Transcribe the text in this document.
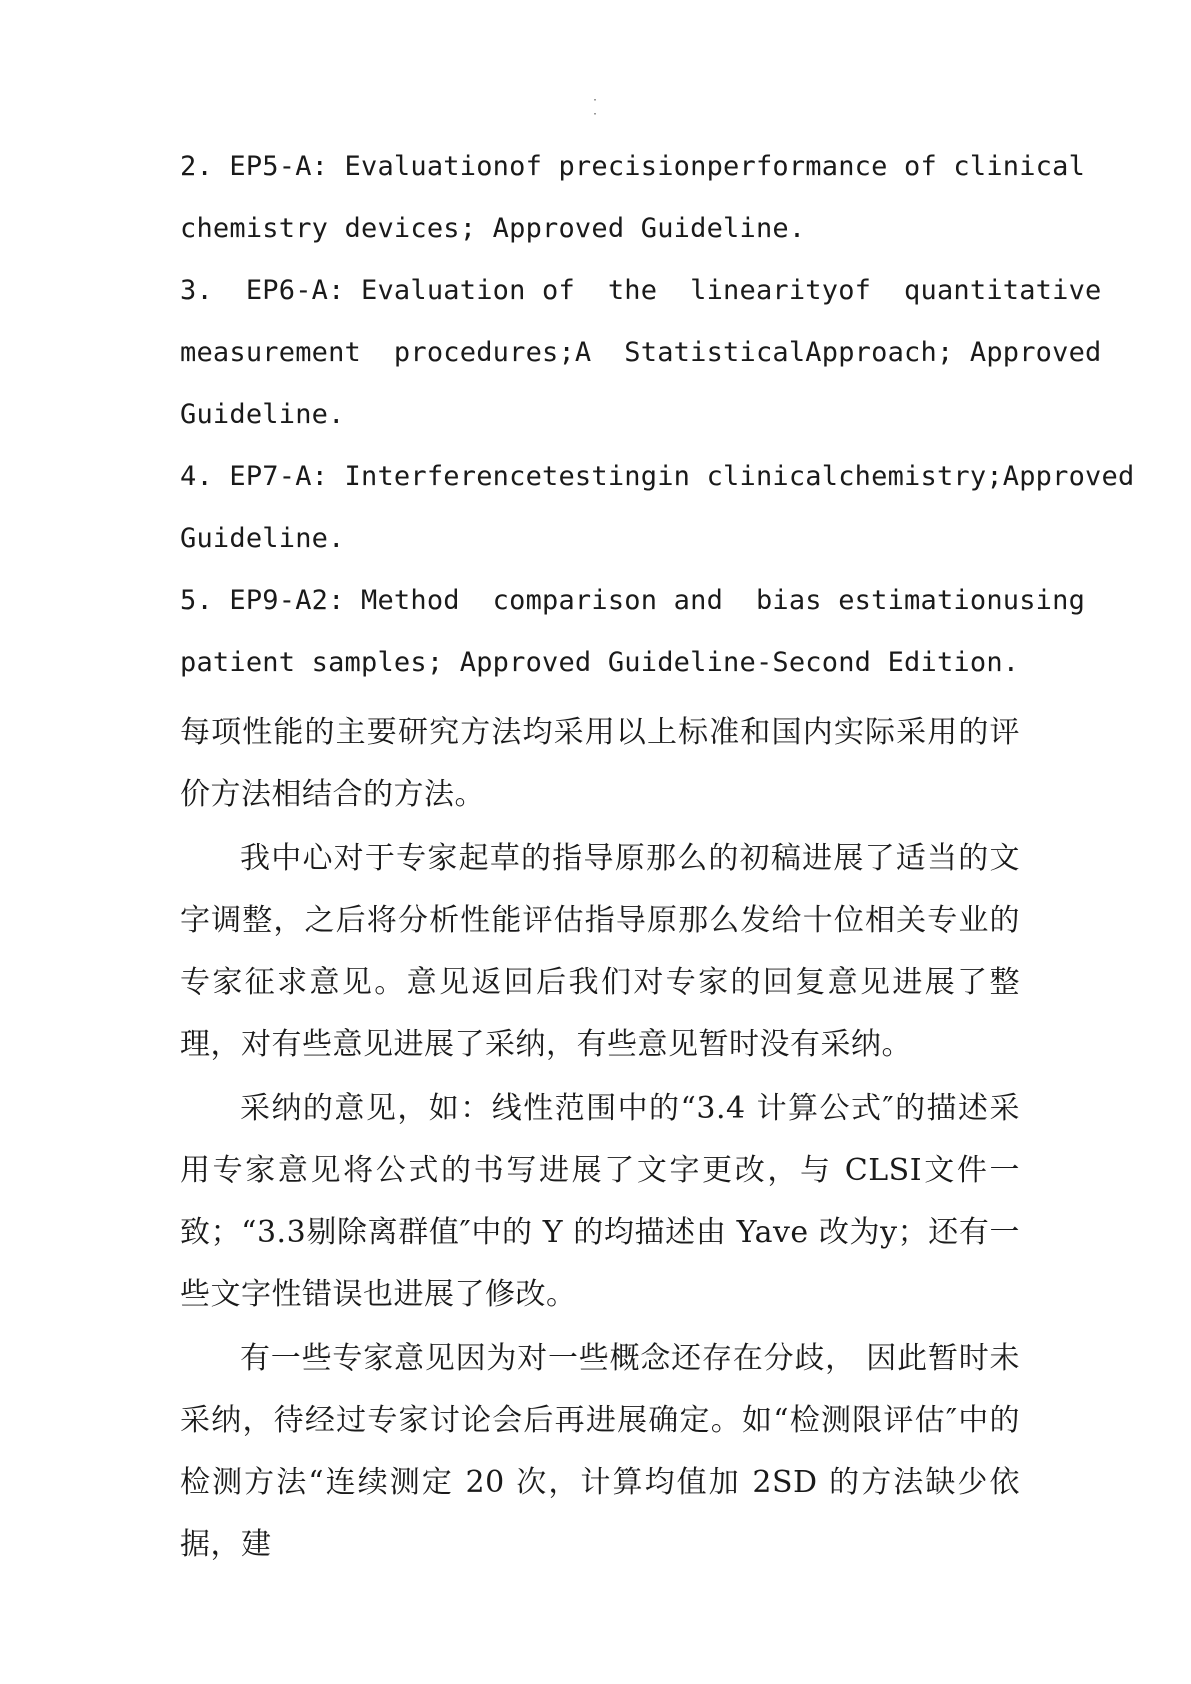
·
·
2. EP5-A: Evaluationof precisionperformance of clinical
chemistry devices; Approved Guideline.
3.  EP6-A: Evaluation of  the  linearityof  quantitative
measurement  procedures;A  StatisticalApproach; Approved
Guideline.
4. EP7-A: Interferencetestingin clinicalchemistry;Approved
Guideline.
5. EP9-A2: Method  comparison and  bias estimationusing
patient samples; Approved Guideline-Second Edition.

每项性能的主要研究方法均采用以上标准和国内实际采用的评价方法相结合的方法。

我中心对于专家起草的指导原那么的初稿进展了适当的文字调整，之后将分析性能评估指导原那么发给十位相关专业的专家征求意见。意见返回后我们对专家的回复意见进展了整理，对有些意见进展了采纳，有些意见暂时没有采纳。

采纳的意见，如：线性范围中的“3.4 计算公式″的描述采用专家意见将公式的书写进展了文字更改，与 CLSI文件一致；“3.3剔除离群值″中的 Y 的均描述由 Yave 改为y；还有一些文字性错误也进展了修改。

有一些专家意见因为对一些概念还存在分歧， 因此暂时未采纳，待经过专家讨论会后再进展确定。如“检测限评估″中的检测方法“连续测定 20 次，计算均值加 2SD 的方法缺少依据，建
